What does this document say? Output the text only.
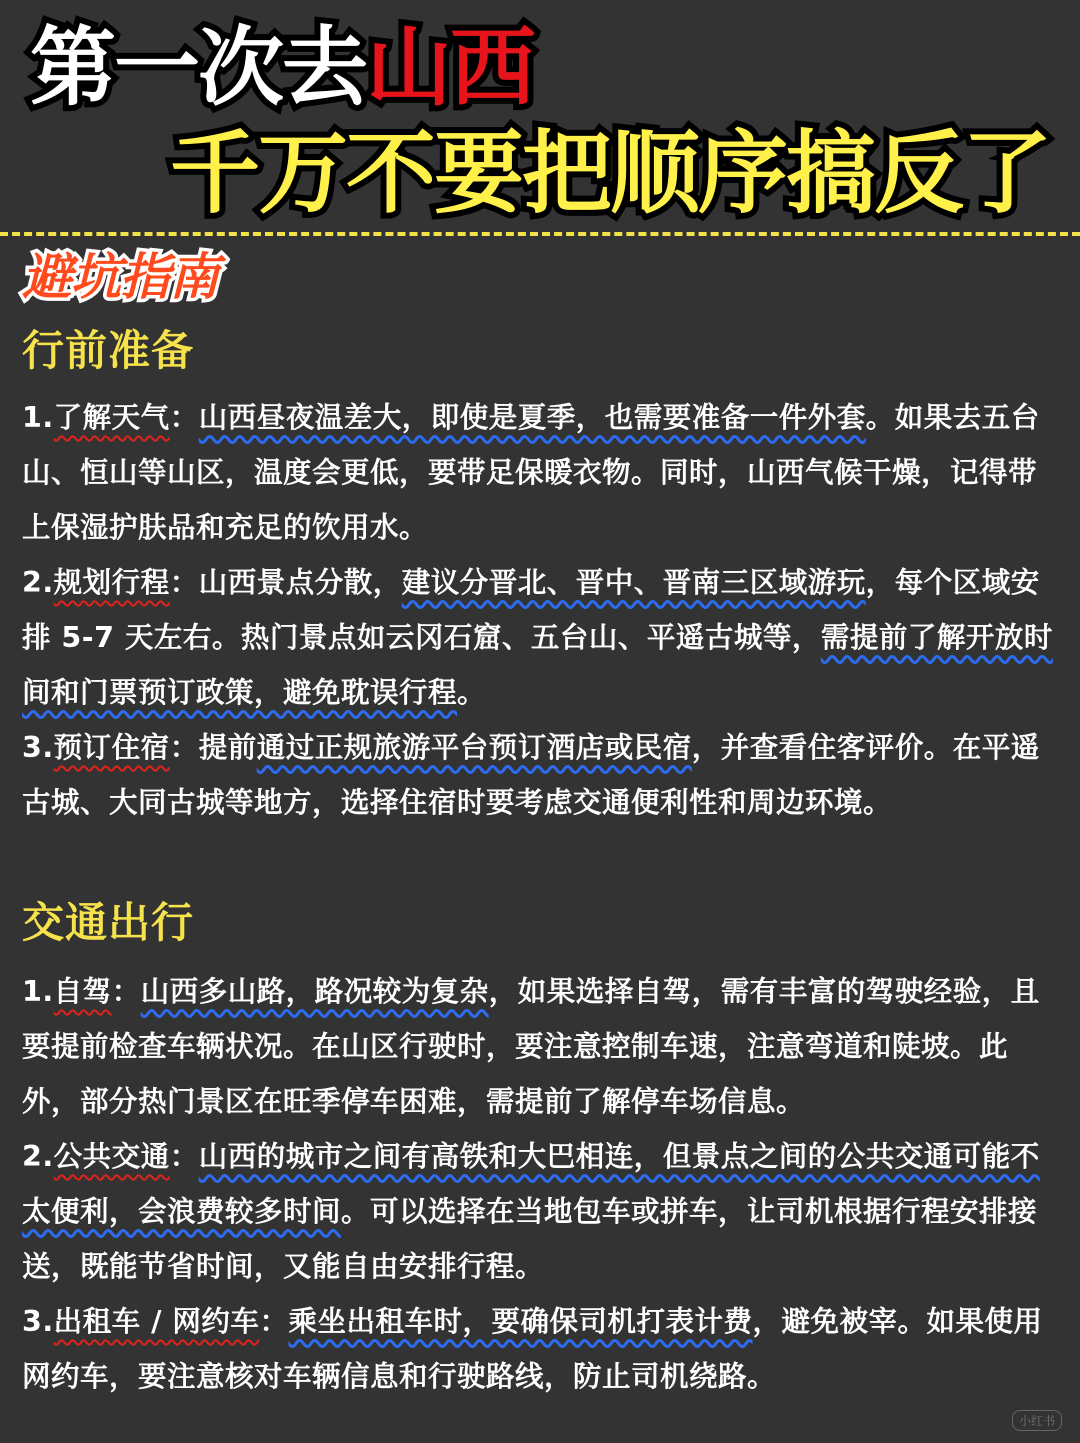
第一次去山西
千万不要把顺序搞反了
避坑指南
行前准备
1.了解天气：山西昼夜温差大，即使是夏季，也需要准备一件外套。如果去五台山、恒山等山区，温度会更低，要带足保暖衣物。同时，山西气候干燥，记得带上保湿护肤品和充足的饮用水。
2.规划行程：山西景点分散，建议分晋北、晋中、晋南三区域游玩，每个区域安排 5-7 天左右。热门景点如云冈石窟、五台山、平遥古城等，需提前了解开放时间和门票预订政策，避免耽误行程。
3.预订住宿：提前通过正规旅游平台预订酒店或民宿，并查看住客评价。在平遥古城、大同古城等地方，选择住宿时要考虑交通便利性和周边环境。
交通出行
1.自驾：山西多山路，路况较为复杂，如果选择自驾，需有丰富的驾驶经验，且要提前检查车辆状况。在山区行驶时，要注意控制车速，注意弯道和陡坡。此外，部分热门景区在旺季停车困难，需提前了解停车场信息。
2.公共交通：山西的城市之间有高铁和大巴相连，但景点之间的公共交通可能不太便利，会浪费较多时间。可以选择在当地包车或拼车，让司机根据行程安排接送，既能节省时间，又能自由安排行程。
3.出租车 / 网约车：乘坐出租车时，要确保司机打表计费，避免被宰。如果使用网约车，要注意核对车辆信息和行驶路线，防止司机绕路。
小红书
